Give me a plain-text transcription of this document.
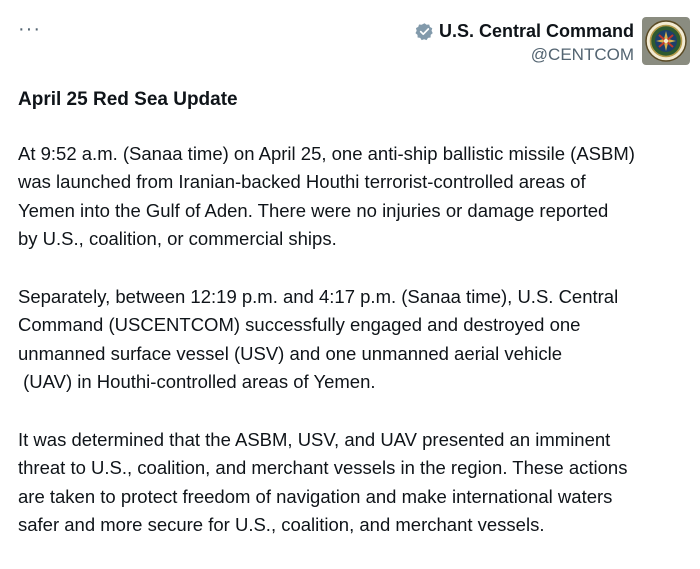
···	U.S. Central Command
@CENTCOM
April 25 Red Sea Update
At 9:52 a.m. (Sanaa time) on April 25, one anti-ship ballistic missile (ASBM)
was launched from Iranian-backed Houthi terrorist-controlled areas of
Yemen into the Gulf of Aden. There were no injuries or damage reported
by U.S., coalition, or commercial ships.
Separately, between 12:19 p.m. and 4:17 p.m. (Sanaa time), U.S. Central
Command (USCENTCOM) successfully engaged and destroyed one
unmanned surface vessel (USV) and one unmanned aerial vehicle
(UAV) in Houthi-controlled areas of Yemen.
It was determined that the ASBM, USV, and UAV presented an imminent
threat to U.S., coalition, and merchant vessels in the region. These actions
are taken to protect freedom of navigation and make international waters
safer and more secure for U.S., coalition, and merchant vessels.
